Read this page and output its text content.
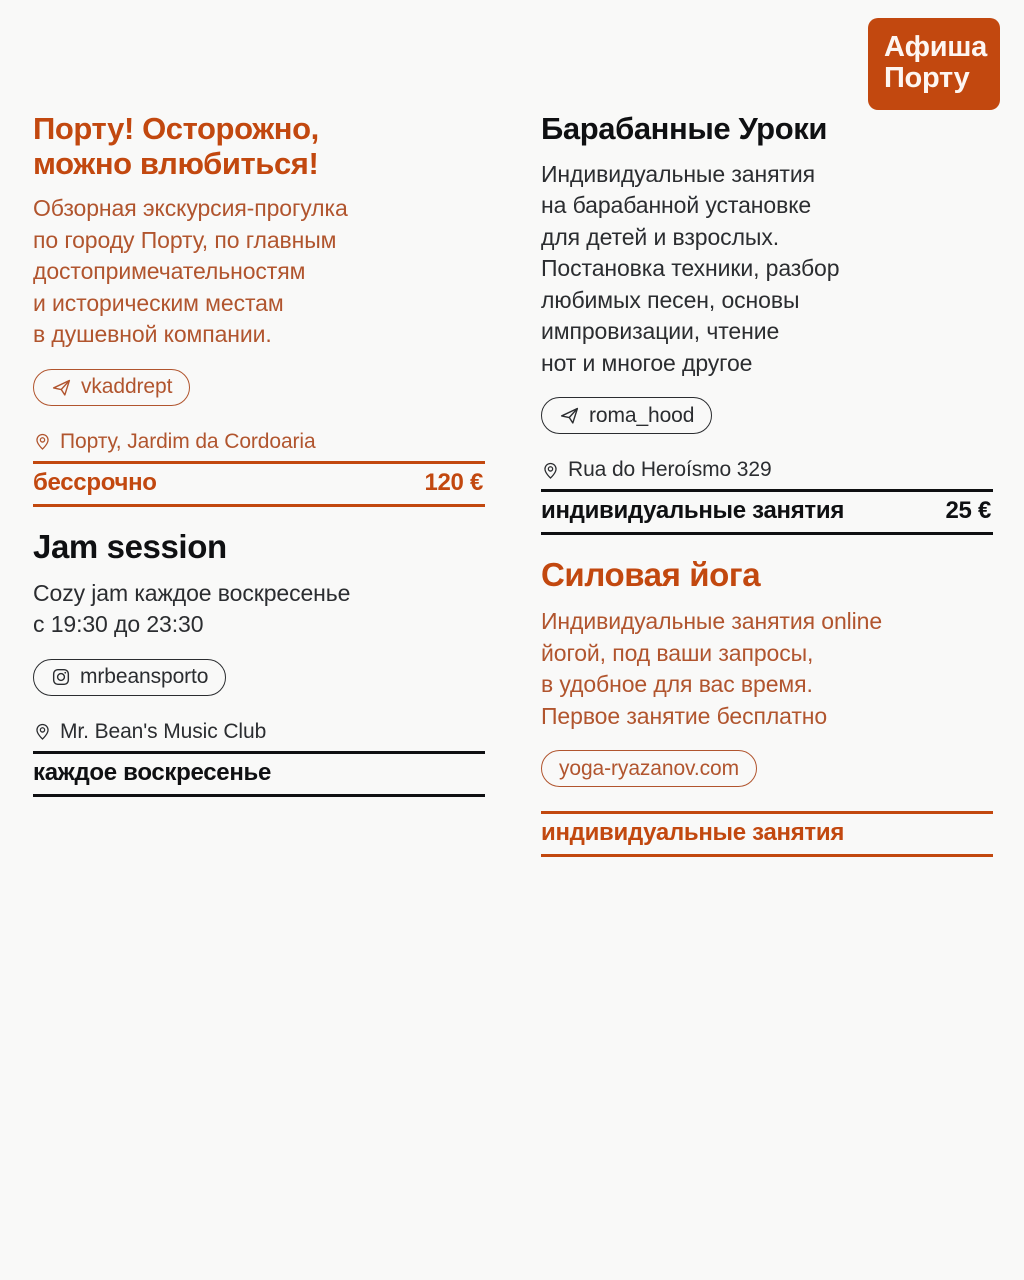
Афиша
Порту
Порту! Осторожно,
можно влюбиться!
Обзорная экскурсия-прогулка
по городу Порту, по главным
достопримечательностям
и историческим местам
в душевной компании.
vkaddrept
Порту, Jardim da Cordoaria
бессрочно	120 €
Jam session
Cozy jam каждое воскресенье
с 19:30 до 23:30
mrbeansporto
Mr. Bean's Music Club
каждое воскресенье
Барабанные Уроки
Индивидуальные занятия
на барабанной установке
для детей и взрослых.
Постановка техники, разбор
любимых песен, основы
импровизации, чтение
нот и многое другое
roma_hood
Rua do Heroísmo 329
индивидуальные занятия	25 €
Силовая йога
Индивидуальные занятия online
йогой, под ваши запросы,
в удобное для вас время.
Первое занятие бесплатно
yoga-ryazanov.com
индивидуальные занятия
